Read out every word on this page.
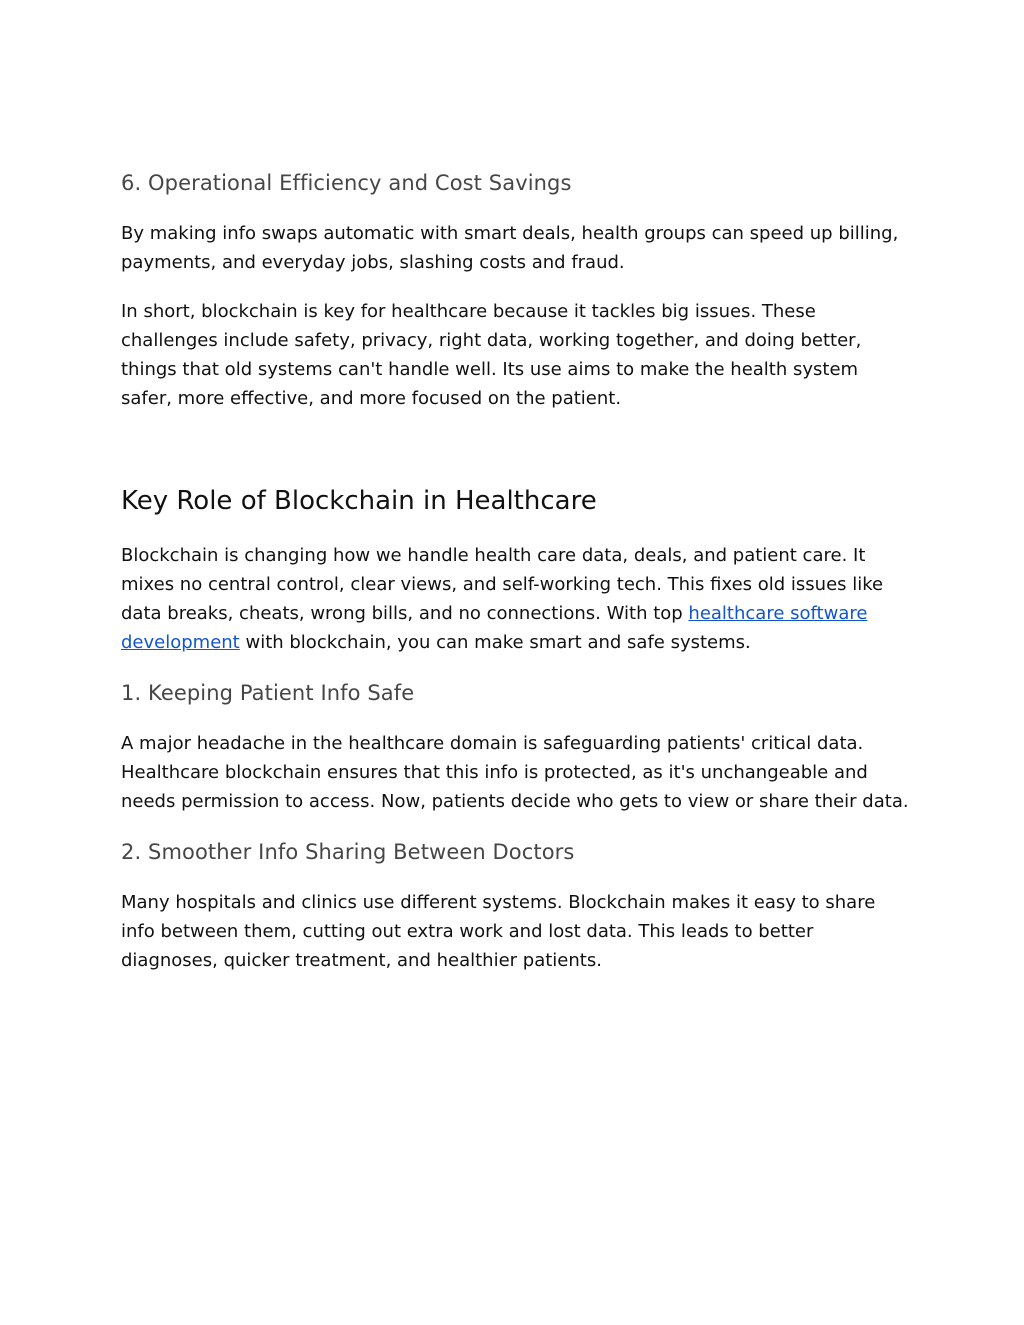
6. Operational Efficiency and Cost Savings

By making info swaps automatic with smart deals, health groups can speed up billing, payments, and everyday jobs, slashing costs and fraud.

In short, blockchain is key for healthcare because it tackles big issues. These challenges include safety, privacy, right data, working together, and doing better, things that old systems can't handle well. Its use aims to make the health system safer, more effective, and more focused on the patient.

Key Role of Blockchain in Healthcare

Blockchain is changing how we handle health care data, deals, and patient care. It mixes no central control, clear views, and self-working tech. This fixes old issues like data breaks, cheats, wrong bills, and no connections. With top healthcare software development with blockchain, you can make smart and safe systems.

1. Keeping Patient Info Safe

A major headache in the healthcare domain is safeguarding patients' critical data. Healthcare blockchain ensures that this info is protected, as it's unchangeable and needs permission to access. Now, patients decide who gets to view or share their data.

2. Smoother Info Sharing Between Doctors

Many hospitals and clinics use different systems. Blockchain makes it easy to share info between them, cutting out extra work and lost data. This leads to better diagnoses, quicker treatment, and healthier patients.
